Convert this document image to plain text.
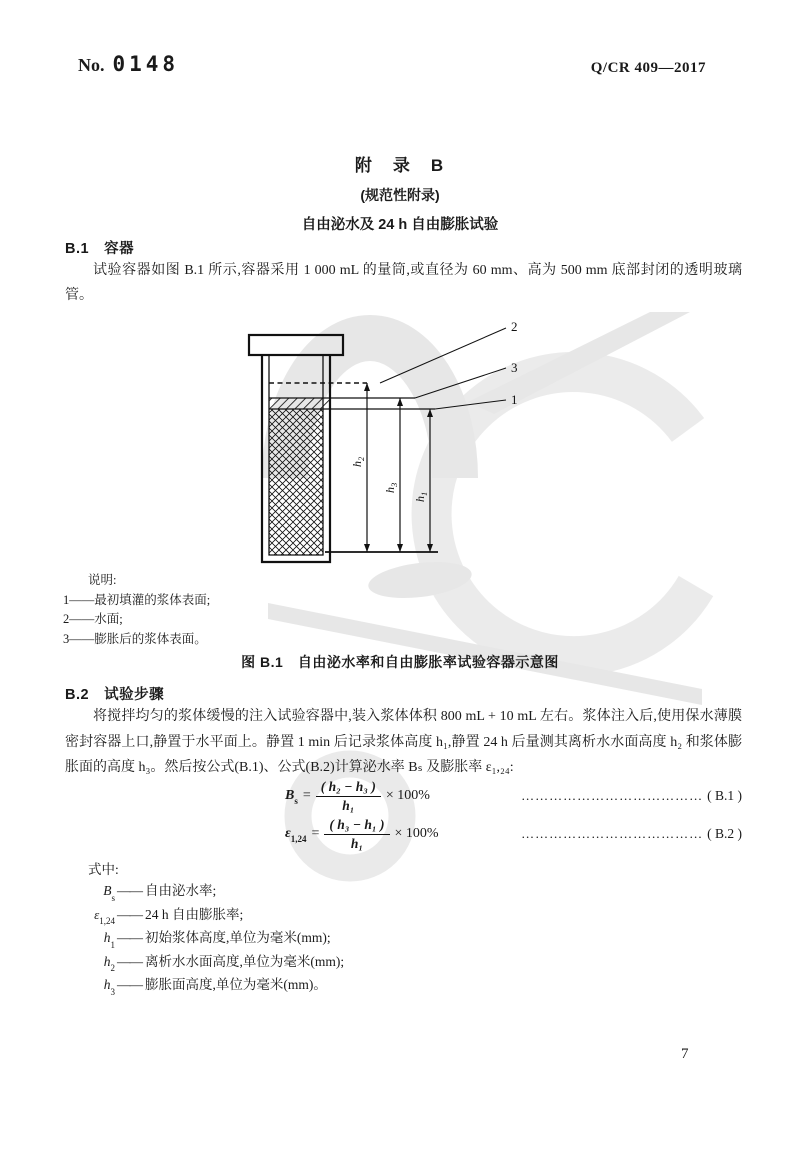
No. 0148	Q/CR 409—2017
附　录　B
(规范性附录)
自由泌水及 24 h 自由膨胀试验
B.1　容器
试验容器如图 B.1 所示,容器采用 1 000 mL 的量筒,或直径为 60 mm、高为 500 mm 底部封闭的透明玻璃管。
$h_2$
$h_3$
$h_1$
2
3
1
说明:
1——最初填灌的浆体表面;
2——水面;
3——膨胀后的浆体表面。
图 B.1　自由泌水率和自由膨胀率试验容器示意图
B.2　试验步骤
将搅拌均匀的浆体缓慢的注入试验容器中,装入浆体体积 800 mL + 10 mL 左右。浆体注入后,使用保水薄膜密封容器上口,静置于水平面上。静置 1 min 后记录浆体高度 h₁,静置 24 h 后量测其离析水水面高度 h₂ 和浆体膨胀面的高度 h₃。然后按公式(B.1)、公式(B.2)计算泌水率 Bₛ 及膨胀率 ε₁,₂₄:
$B_s = \frac{\text{( h₂ − h₃ )}}{\text{h₁}} \times 100\%$	………………………………… ( B.1 )
$\varepsilon_{1,24} = \frac{\text{( h₃ − h₁ )}}{\text{h₁}} \times 100\%$	………………………………… ( B.2 )
式中:
$B_s$ —— 自由泌水率;
$\varepsilon_{1,24}$ —— 24 h 自由膨胀率;
$h_1$ —— 初始浆体高度,单位为毫米(mm);
$h_2$ —— 离析水水面高度,单位为毫米(mm);
$h_3$ —— 膨胀面高度,单位为毫米(mm)。
7
